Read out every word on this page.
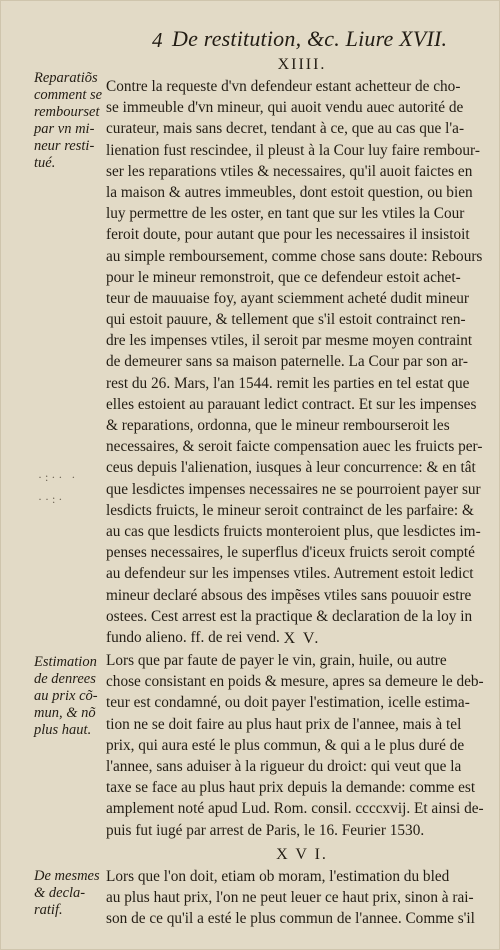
4 De restitution, &c. Liure XVII.
XIIII.
Contre la requeste d'vn defendeur estant achetteur de cho-
se immeuble d'vn mineur, qui auoit vendu auec autorité de
curateur, mais sans decret, tendant à ce, que au cas que l'a-
lienation fust rescindee, il pleust à la Cour luy faire rembour-
ser les reparations vtiles & necessaires, qu'il auoit faictes en
la maison & autres immeubles, dont estoit question, ou bien
luy permettre de les oster, en tant que sur les vtiles la Cour
feroit doute, pour autant que pour les necessaires il insistoit
au simple remboursement, comme chose sans doute: Rebours
pour le mineur remonstroit, que ce defendeur estoit achet-
teur de mauuaise foy, ayant sciemment acheté dudit mineur
qui estoit pauure, & tellement que s'il estoit contrainct ren-
dre les impenses vtiles, il seroit par mesme moyen contraint
de demeurer sans sa maison paternelle. La Cour par son ar-
rest du 26. Mars, l'an 1544. remit les parties en tel estat que
elles estoient au parauant ledict contract. Et sur les impenses
& reparations, ordonna, que le mineur rembourseroit les
necessaires, & seroit faicte compensation auec les fruicts per-
ceus depuis l'alienation, iusques à leur concurrence: & en tât
que lesdictes impenses necessaires ne se pourroient payer sur
lesdicts fruicts, le mineur seroit contrainct de les parfaire: &
au cas que lesdicts fruicts monteroient plus, que lesdictes im-
penses necessaires, le superflus d'iceux fruicts seroit compté
au defendeur sur les impenses vtiles. Autrement estoit ledict
mineur declaré absous des impẽses vtiles sans pouuoir estre
ostees. Cest arrest est la practique & declaration de la loy in
fundo alieno. ff. de rei vend.
Reparatiõs
comment se
rembourset
par vn mi-
neur resti-
tué.
·:·· ·
··:·
X V.
Lors que par faute de payer le vin, grain, huile, ou autre
chose consistant en poids & mesure, apres sa demeure le deb-
teur est condamné, ou doit payer l'estimation, icelle estima-
tion ne se doit faire au plus haut prix de l'annee, mais à tel
prix, qui aura esté le plus commun, & qui a le plus duré de
l'annee, sans aduiser à la rigueur du droict: qui veut que la
taxe se face au plus haut prix depuis la demande: comme est
amplement noté apud Lud. Rom. consil. ccccxvij. Et ainsi de-
puis fut iugé par arrest de Paris, le 16. Feurier 1530.
Estimation
de denrees
au prix cõ-
mun, & nõ
plus haut.
X V I.
Lors que l'on doit, etiam ob moram, l'estimation du bled
au plus haut prix, l'on ne peut leuer ce haut prix, sinon à rai-
son de ce qu'il a esté le plus commun de l'annee. Comme s'il
De mesmes
& decla-
ratif.
